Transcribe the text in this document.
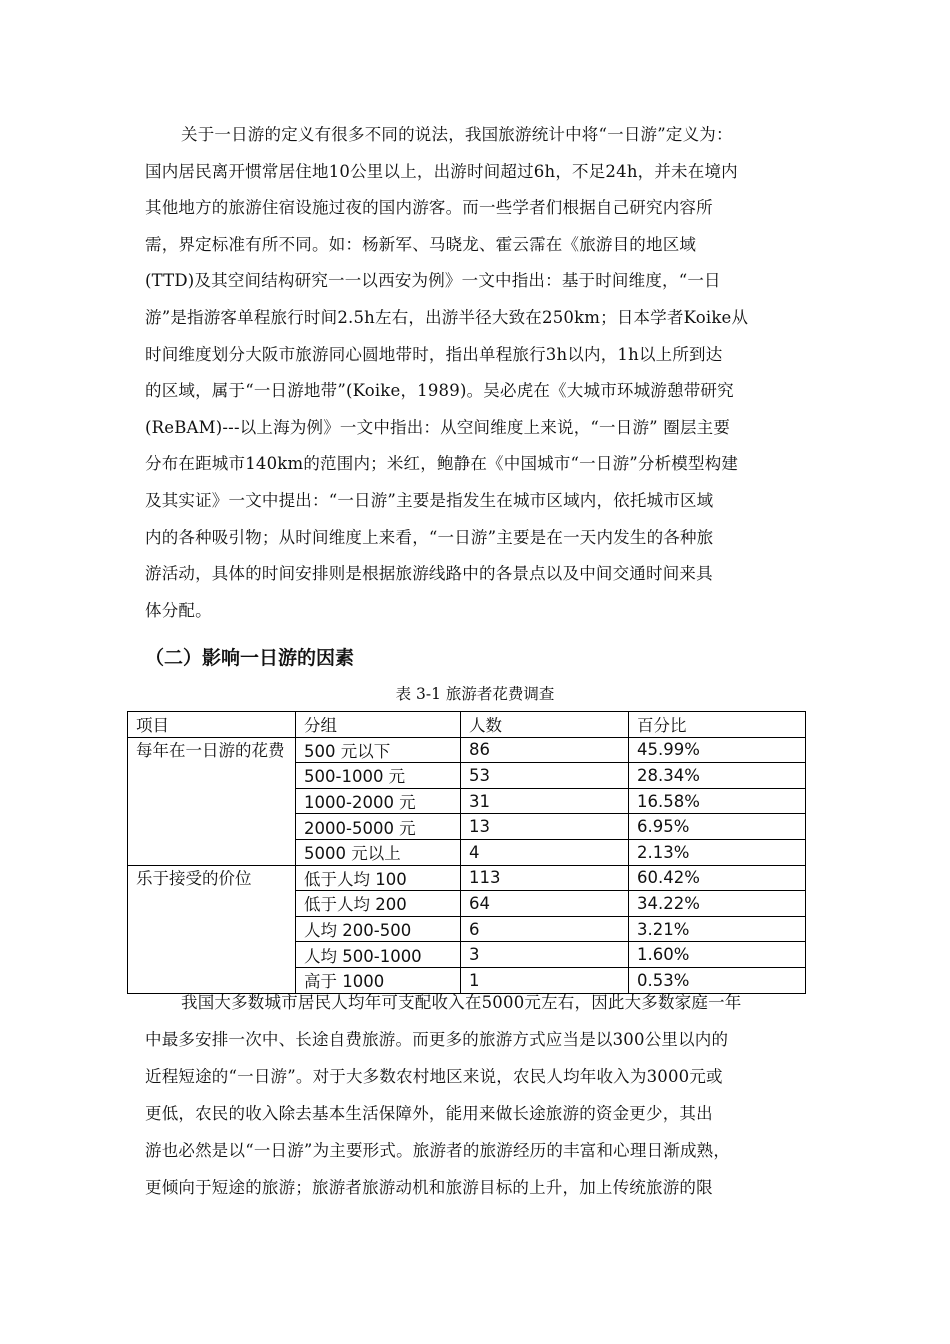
关于一日游的定义有很多不同的说法，我国旅游统计中将“一日游”定义为：
国内居民离开惯常居住地10公里以上，出游时间超过6h，不足24h，并未在境内
其他地方的旅游住宿设施过夜的国内游客。而一些学者们根据自己研究内容所
需，界定标准有所不同。如：杨新军、马晓龙、霍云霈在《旅游目的地区域
(TTD)及其空间结构研究一一以西安为例》一文中指出：基于时间维度，“一日
游”是指游客单程旅行时间2.5h左右，出游半径大致在250km；日本学者Koike从
时间维度划分大阪市旅游同心圆地带时，指出单程旅行3h以内，1h以上所到达
的区域，属于“一日游地带”(Koike，1989)。吴必虎在《大城市环城游憩带研究
(ReBAM)---以上海为例》一文中指出：从空间维度上来说，“一日游” 圈层主要
分布在距城市140km的范围内；米红，鲍静在《中国城市“一日游”分析模型构建
及其实证》一文中提出：“一日游”主要是指发生在城市区域内，依托城市区域
内的各种吸引物；从时间维度上来看，“一日游”主要是在一天内发生的各种旅
游活动，具体的时间安排则是根据旅游线路中的各景点以及中间交通时间来具
体分配。
（二）影响一日游的因素
表 3-1 旅游者花费调查
项目	分组	人数	百分比
每年在一日游的花费	500 元以下	86	45.99%
	500-1000 元	53	28.34%
	1000-2000 元	31	16.58%
	2000-5000 元	13	6.95%
	5000 元以上	4	2.13%
乐于接受的价位	低于人均 100	113	60.42%
	低于人均 200	64	34.22%
	人均 200-500	6	3.21%
	人均 500-1000	3	1.60%
	高于 1000	1	0.53%
我国大多数城市居民人均年可支配收入在5000元左右，因此大多数家庭一年
中最多安排一次中、长途自费旅游。而更多的旅游方式应当是以300公里以内的
近程短途的“一日游”。对于大多数农村地区来说，农民人均年收入为3000元或
更低，农民的收入除去基本生活保障外，能用来做长途旅游的资金更少，其出
游也必然是以“一日游”为主要形式。旅游者的旅游经历的丰富和心理日渐成熟，
更倾向于短途的旅游；旅游者旅游动机和旅游目标的上升，加上传统旅游的限
